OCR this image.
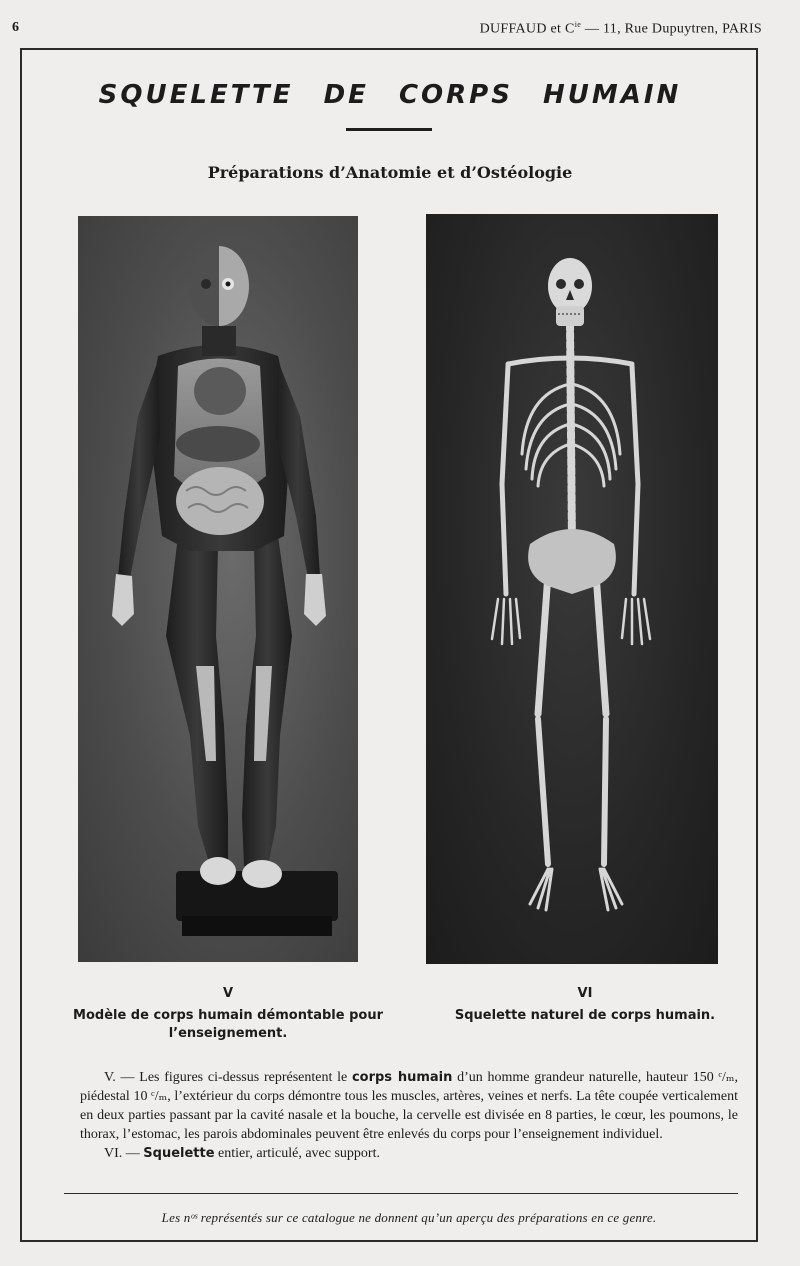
6	DUFFAUD et $C^{ie}$ — 11, Rue Dupuytren, PARIS
SQUELETTE DE CORPS HUMAIN
Préparations d’Anatomie et d’Ostéologie
V
Modèle de corps humain démontable pour
l’enseignement.
VI
Squelette naturel de corps humain.

V. — Les figures ci-dessus représentent le corps humain d’un homme grandeur naturelle, hauteur 150 ᶜ/ₘ, piédestal 10 ᶜ/ₘ, l’extérieur du corps démontre tous les muscles, artères, veines et nerfs. La tête coupée verticalement en deux parties passant par la cavité nasale et la bouche, la cervelle est divisée en 8 parties, le cœur, les poumons, le thorax, l’estomac, les parois abdominales peuvent être enlevés du corps pour l’enseignement individuel.

VI. — Squelette entier, articulé, avec support.

Les nᵒˢ représentés sur ce catalogue ne donnent qu’un aperçu des préparations en ce genre.
